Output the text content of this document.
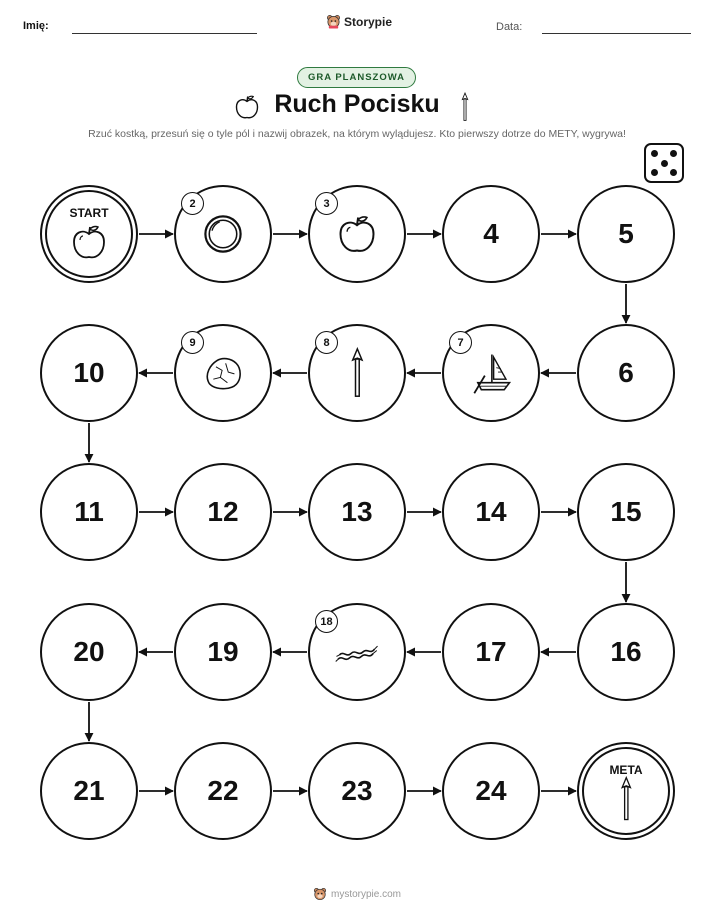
Imię:	Storypie	Data:
GRA PLANSZOWA
Ruch Pocisku
Rzuć kostką, przesuń się o tyle pól i nazwij obrazek, na którym wylądujesz. Kto pierwszy dotrze do METY, wygrywa!
START
2	3
4	5
6
7
8
9
10
11	12	13	14	15
16
17
18
19
20
21	22	23	24
META
mystorypie.com
